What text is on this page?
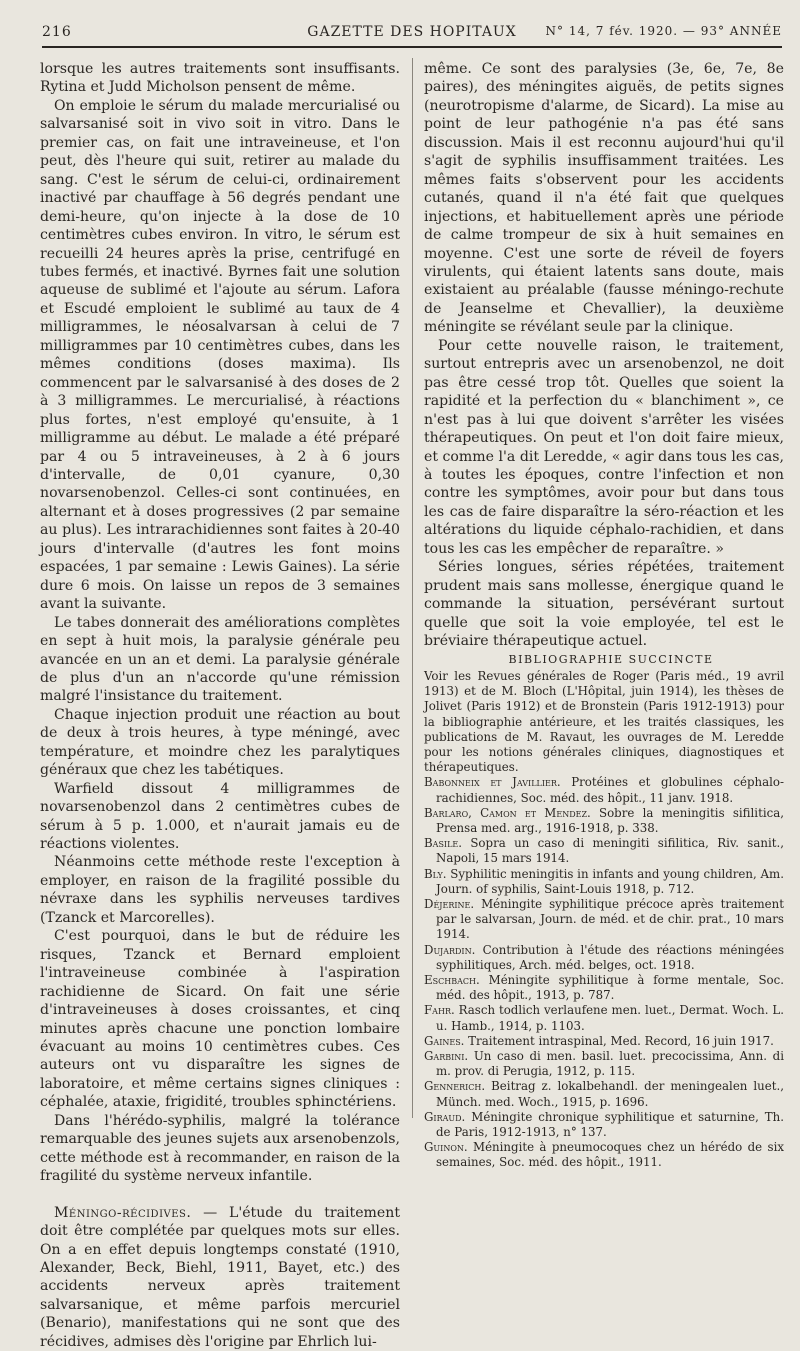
216	GAZETTE DES HOPITAUX	N° 14, 7 fév. 1920. — 93° ANNÉE

lorsque les autres traitements sont insuffisants. Rytina et Judd Micholson pensent de même.

On emploie le sérum du malade mercurialisé ou salvarsanisé soit in vivo soit in vitro. Dans le premier cas, on fait une intraveineuse, et l'on peut, dès l'heure qui suit, retirer au malade du sang. C'est le sérum de celui-ci, ordinairement inactivé par chauffage à 56 degrés pendant une demi-heure, qu'on injecte à la dose de 10 centimètres cubes environ. In vitro, le sérum est recueilli 24 heures après la prise, centrifugé en tubes fermés, et inactivé. Byrnes fait une solution aqueuse de sublimé et l'ajoute au sérum. Lafora et Escudé emploient le sublimé au taux de 4 milligrammes, le néosalvarsan à celui de 7 milligrammes par 10 centimètres cubes, dans les mêmes conditions (doses maxima). Ils commencent par le salvarsanisé à des doses de 2 à 3 milligrammes. Le mercurialisé, à réactions plus fortes, n'est employé qu'ensuite, à 1 milligramme au début. Le malade a été préparé par 4 ou 5 intraveineuses, à 2 à 6 jours d'intervalle, de 0,01 cyanure, 0,30 novarsenobenzol. Celles-ci sont continuées, en alternant et à doses progressives (2 par semaine au plus). Les intrarachidiennes sont faites à 20-40 jours d'intervalle (d'autres les font moins espacées, 1 par semaine : Lewis Gaines). La série dure 6 mois. On laisse un repos de 3 semaines avant la suivante.

Le tabes donnerait des améliorations complètes en sept à huit mois, la paralysie générale peu avancée en un an et demi. La paralysie générale de plus d'un an n'accorde qu'une rémission malgré l'insistance du traitement.

Chaque injection produit une réaction au bout de deux à trois heures, à type méningé, avec température, et moindre chez les paralytiques généraux que chez les tabétiques.

Warfield dissout 4 milligrammes de novarsenobenzol dans 2 centimètres cubes de sérum à 5 p. 1.000, et n'aurait jamais eu de réactions violentes.

Néanmoins cette méthode reste l'exception à employer, en raison de la fragilité possible du névraxe dans les syphilis nerveuses tardives (Tzanck et Marcorelles).

C'est pourquoi, dans le but de réduire les risques, Tzanck et Bernard emploient l'intraveineuse combinée à l'aspiration rachidienne de Sicard. On fait une série d'intraveineuses à doses croissantes, et cinq minutes après chacune une ponction lombaire évacuant au moins 10 centimètres cubes. Ces auteurs ont vu disparaître les signes de laboratoire, et même certains signes cliniques : céphalée, ataxie, frigidité, troubles sphinctériens.

Dans l'hérédo-syphilis, malgré la tolérance remarquable des jeunes sujets aux arsenobenzols, cette méthode est à recommander, en raison de la fragilité du système nerveux infantile.

Méningo-récidives. — L'étude du traitement doit être complétée par quelques mots sur elles. On a en effet depuis longtemps constaté (1910, Alexander, Beck, Biehl, 1911, Bayet, etc.) des accidents nerveux après traitement salvarsanique, et même parfois mercuriel (Benario), manifestations qui ne sont que des récidives, admises dès l'origine par Ehrlich lui-

même. Ce sont des paralysies (3e, 6e, 7e, 8e paires), des méningites aiguës, de petits signes (neurotropisme d'alarme, de Sicard). La mise au point de leur pathogénie n'a pas été sans discussion. Mais il est reconnu aujourd'hui qu'il s'agit de syphilis insuffisamment traitées. Les mêmes faits s'observent pour les accidents cutanés, quand il n'a été fait que quelques injections, et habituellement après une période de calme trompeur de six à huit semaines en moyenne. C'est une sorte de réveil de foyers virulents, qui étaient latents sans doute, mais existaient au préalable (fausse méningo-rechute de Jeanselme et Chevallier), la deuxième méningite se révélant seule par la clinique.

Pour cette nouvelle raison, le traitement, surtout entrepris avec un arsenobenzol, ne doit pas être cessé trop tôt. Quelles que soient la rapidité et la perfection du « blanchiment », ce n'est pas à lui que doivent s'arrêter les visées thérapeutiques. On peut et l'on doit faire mieux, et comme l'a dit Leredde, « agir dans tous les cas, à toutes les époques, contre l'infection et non contre les symptômes, avoir pour but dans tous les cas de faire disparaître la séro-réaction et les altérations du liquide céphalo-rachidien, et dans tous les cas les empêcher de reparaître. »

Séries longues, séries répétées, traitement prudent mais sans mollesse, énergique quand le commande la situation, persévérant surtout quelle que soit la voie employée, tel est le bréviaire thérapeutique actuel.

BIBLIOGRAPHIE SUCCINCTE

Voir les Revues générales de Roger (Paris méd., 19 avril 1913) et de M. Bloch (L'Hôpital, juin 1914), les thèses de Jolivet (Paris 1912) et de Bronstein (Paris 1912-1913) pour la bibliographie antérieure, et les traités classiques, les publications de M. Ravaut, les ouvrages de M. Leredde pour les notions générales cliniques, diagnostiques et thérapeutiques.

Babonneix et Javillier. Protéines et globulines céphalo-rachidiennes, Soc. méd. des hôpit., 11 janv. 1918.

Barlaro, Camon et Mendez. Sobre la meningitis sifilitica, Prensa med. arg., 1916-1918, p. 338.

Basile. Sopra un caso di meningiti sifilitica, Riv. sanit., Napoli, 15 mars 1914.

Bly. Syphilitic meningitis in infants and young children, Am. Journ. of syphilis, Saint-Louis 1918, p. 712.

Déjerine. Méningite syphilitique précoce après traitement par le salvarsan, Journ. de méd. et de chir. prat., 10 mars 1914.

Dujardin. Contribution à l'étude des réactions méningées syphilitiques, Arch. méd. belges, oct. 1918.

Eschbach. Méningite syphilitique à forme mentale, Soc. méd. des hôpit., 1913, p. 787.

Fahr. Rasch todlich verlaufene men. luet., Dermat. Woch. L. u. Hamb., 1914, p. 1103.

Gaines. Traitement intraspinal, Med. Record, 16 juin 1917.

Garbini. Un caso di men. basil. luet. precocissima, Ann. di m. prov. di Perugia, 1912, p. 115.

Gennerich. Beitrag z. lokalbehandl. der meningealen luet., Münch. med. Woch., 1915, p. 1696.

Giraud. Méningite chronique syphilitique et saturnine, Th. de Paris, 1912-1913, n° 137.

Guinon. Méningite à pneumocoques chez un hérédo de six semaines, Soc. méd. des hôpit., 1911.
